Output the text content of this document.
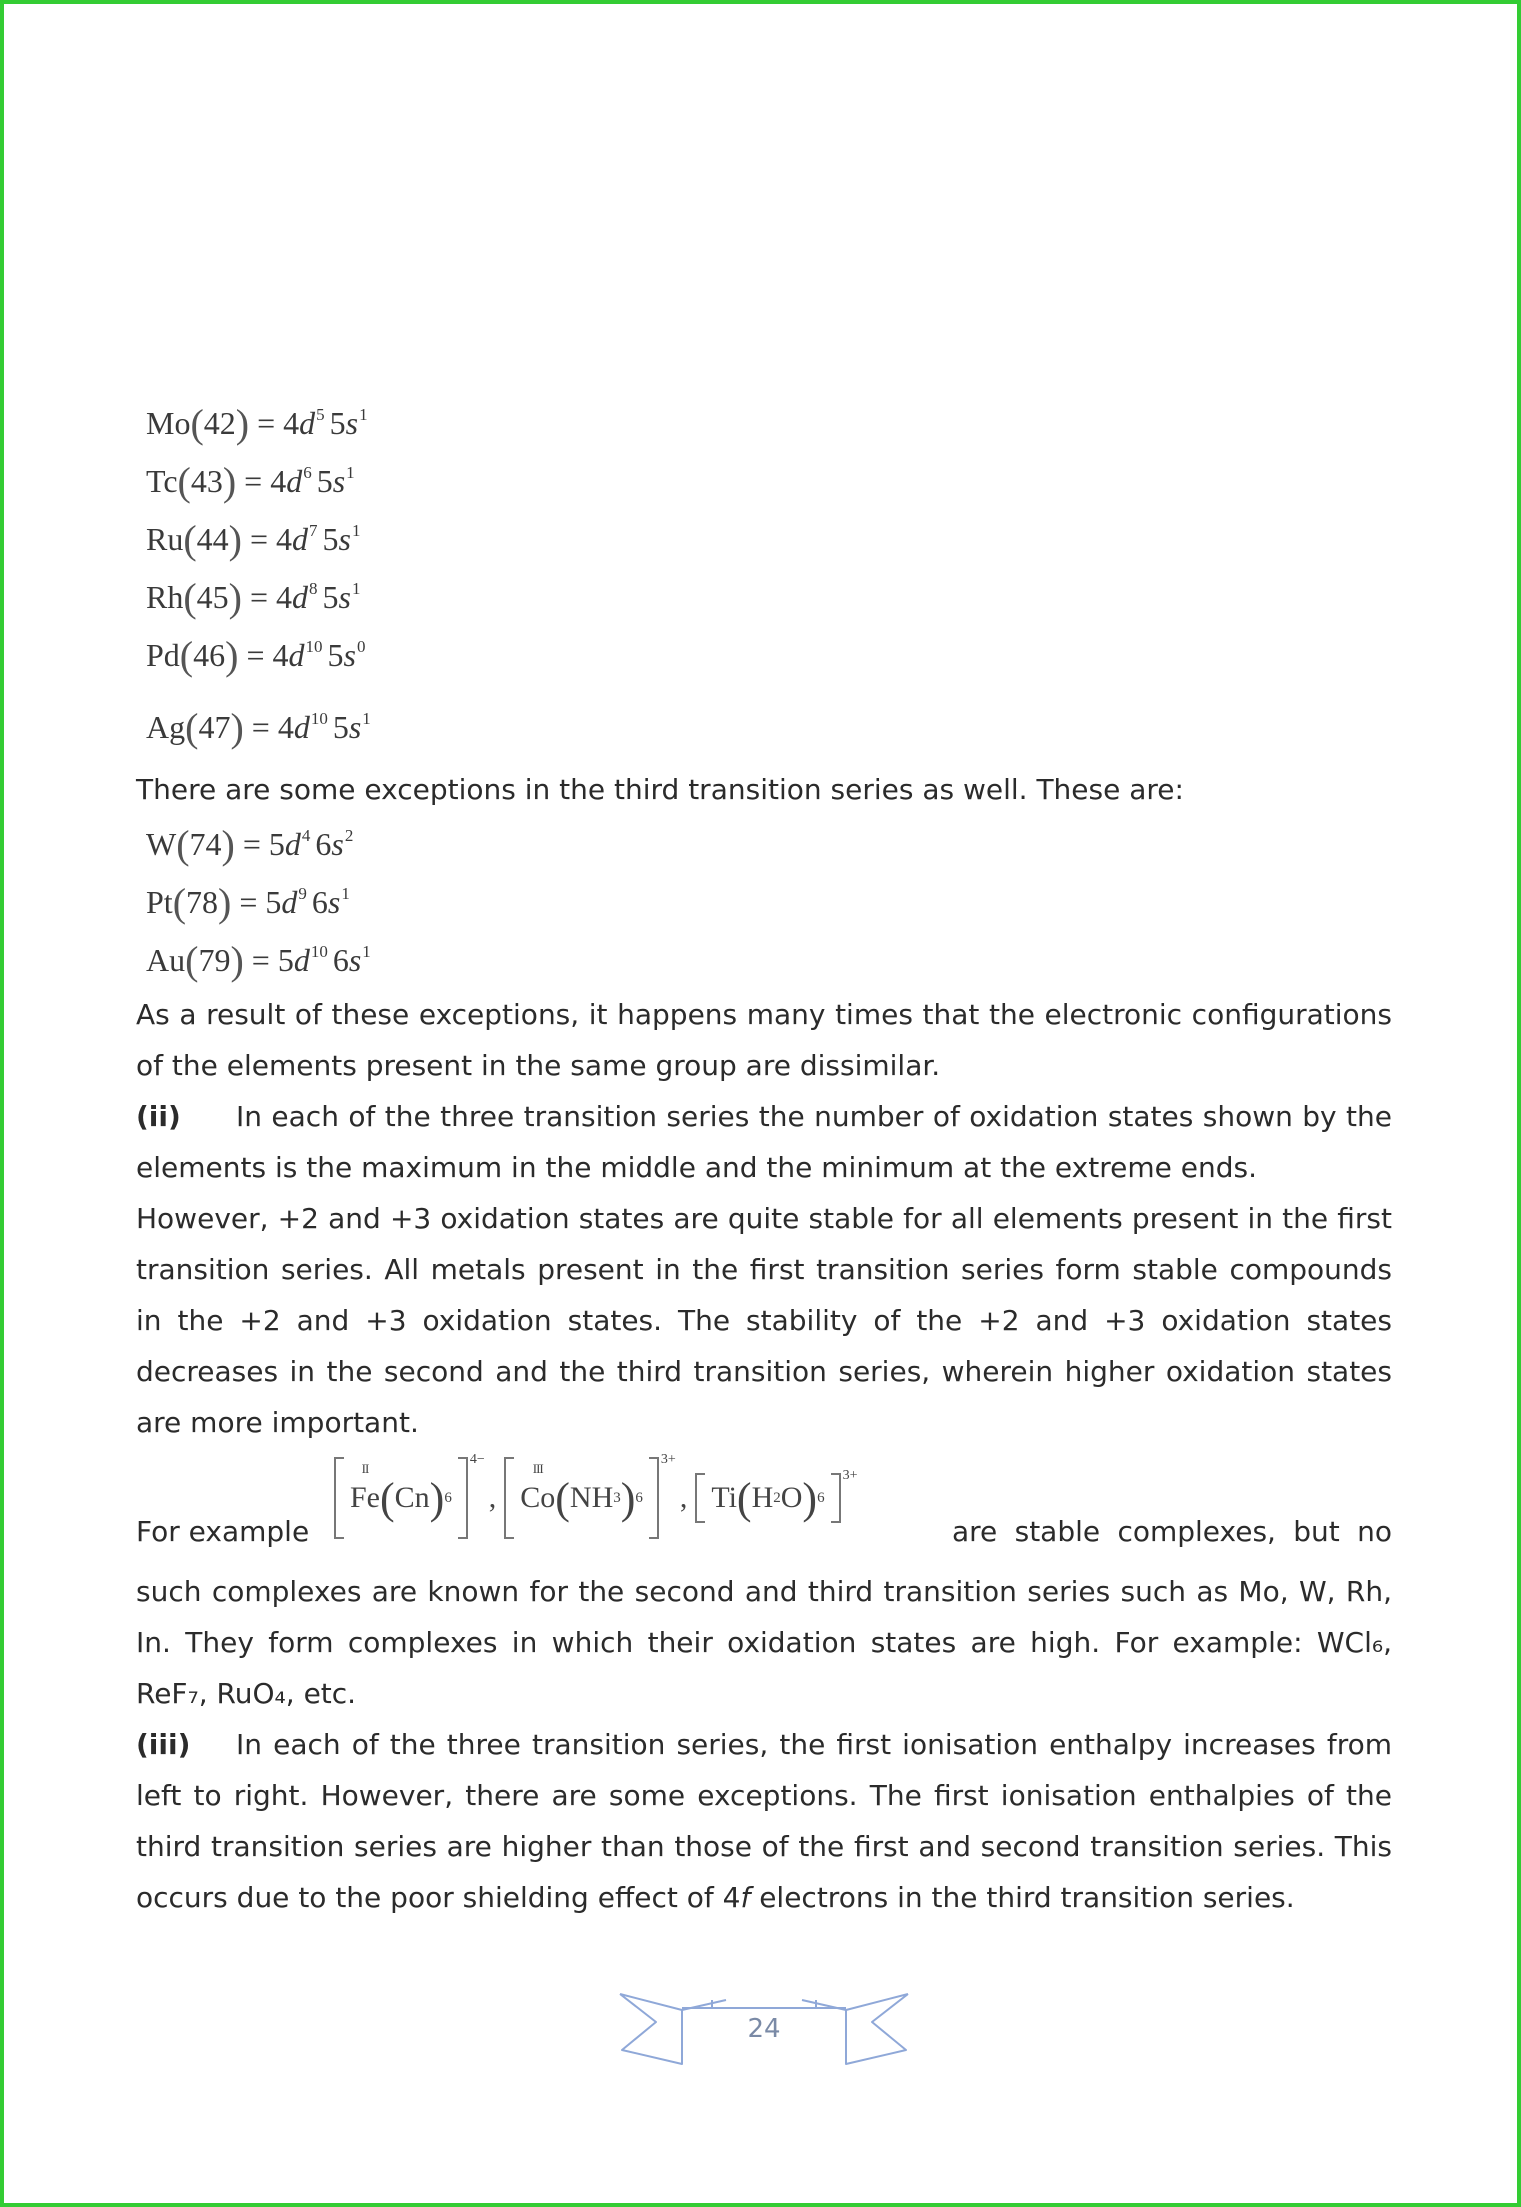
$Mo(42) = 4d^5$ $5s^1$
$Tc(43) = 4d^6$ $5s^1$
$Ru(44) = 4d^7$ $5s^1$
$Rh(45) = 4d^8$ $5s^1$
$Pd(46) = 4d^{10}$ $5s^0$
$Ag(47) = 4d^{10}$ $5s^1$

There are some exceptions in the third transition series as well. These are:

$W(74) = 5d^4$ $6s^2$
$Pt(78) = 5d^9$ $6s^1$
$Au(79) = 5d^{10}$ $6s^1$

As a result of these exceptions, it happens many times that the electronic configurations of the elements present in the same group are dissimilar.

(ii) In each of the three transition series the number of oxidation states shown by the elements is the maximum in the middle and the minimum at the extreme ends.

However, +2 and +3 oxidation states are quite stable for all elements present in the first transition series. All metals present in the first transition series form stable compounds in the +2 and +3 oxidation states. The stability of the +2 and +3 oxidation states decreases in the second and the third transition series, wherein higher oxidation states are more important.

For example
Fe
II
( Cn ) 6
4−
, Co
III
( NH 3 ) 6
3+
, Ti ( H 2 O ) 6
3+
are stable complexes, but no

such complexes are known for the second and third transition series such as Mo, W, Rh, In. They form complexes in which their oxidation states are high. For example: WCl₆, ReF₇, RuO₄, etc.

(iii) In each of the three transition series, the first ionisation enthalpy increases from left to right. However, there are some exceptions. The first ionisation enthalpies of the third transition series are higher than those of the first and second transition series. This occurs due to the poor shielding effect of 4f electrons in the third transition series.

24
